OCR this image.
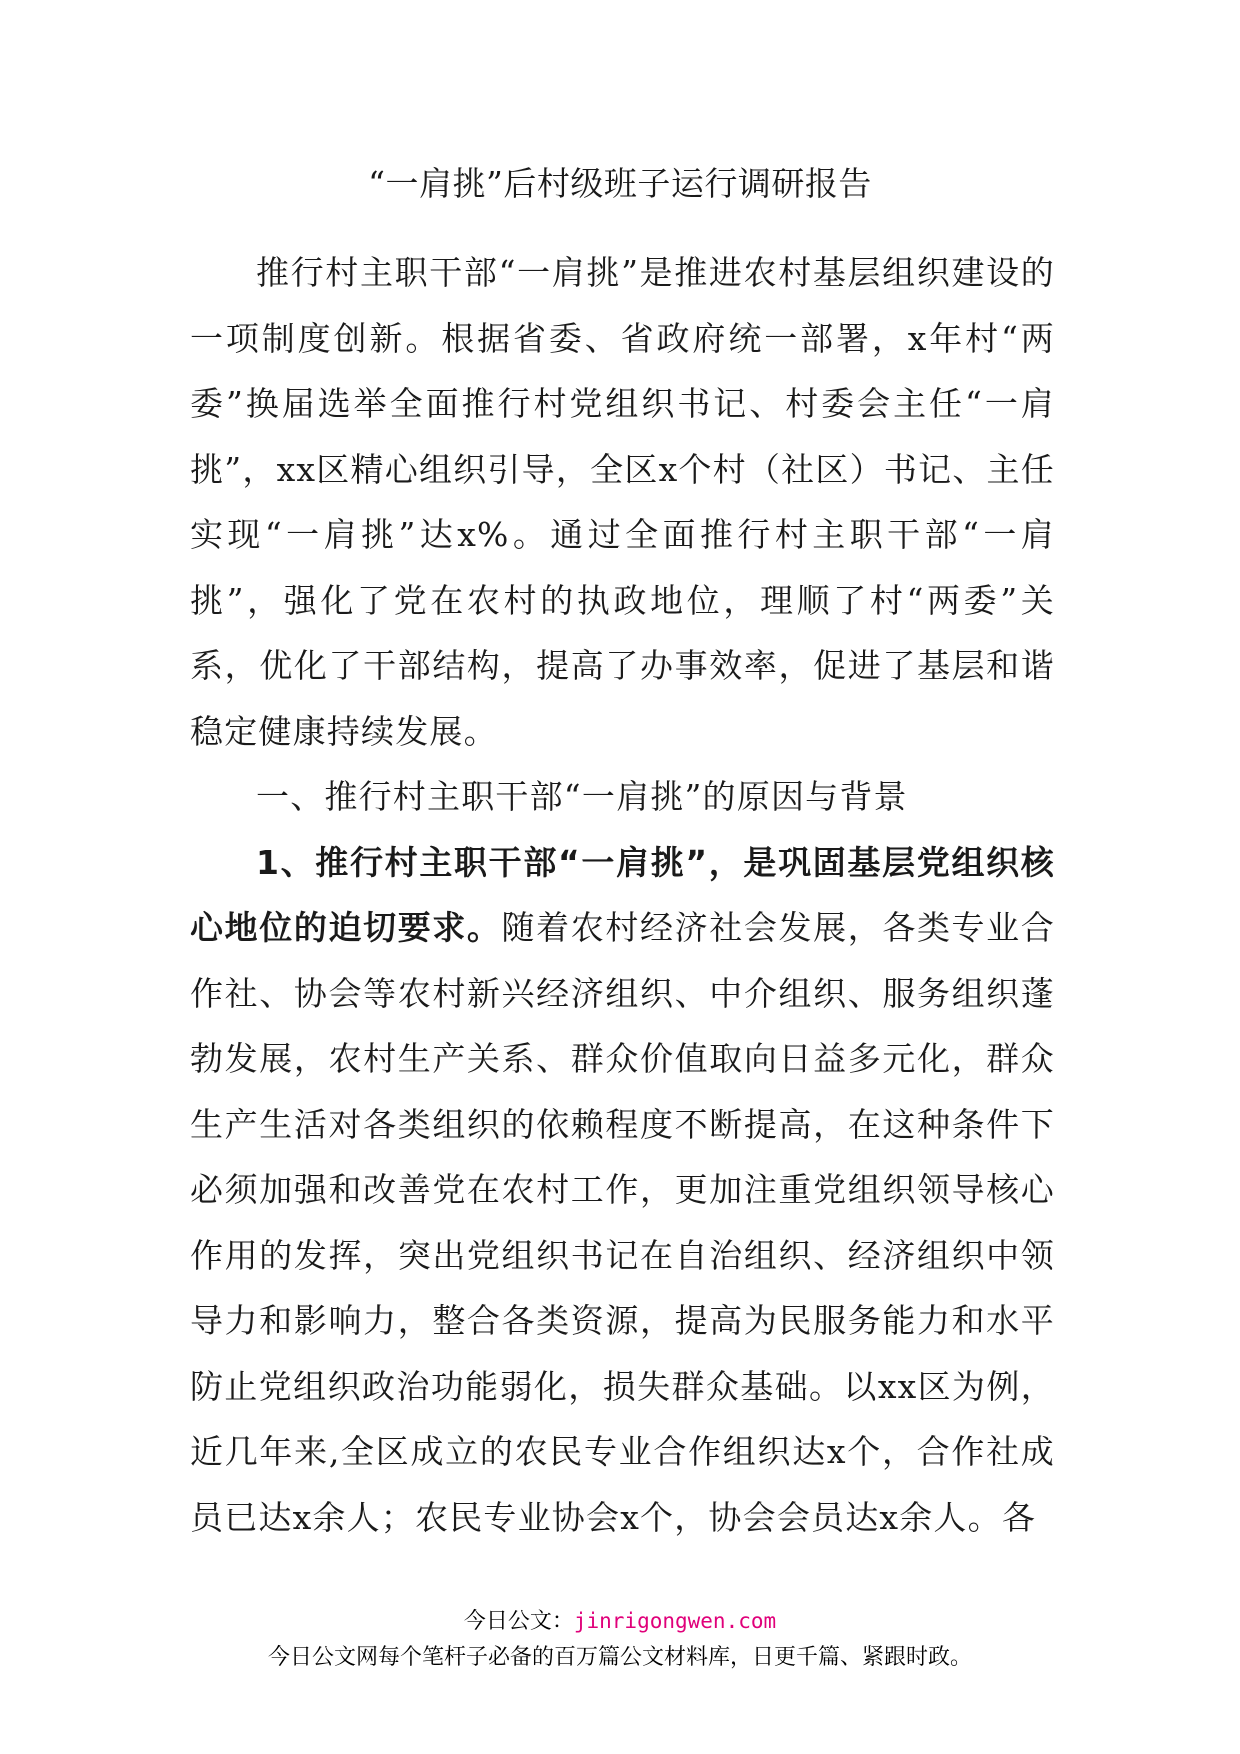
“一肩挑”后村级班子运行调研报告

推行村主职干部“一肩挑”是推进农村基层组织建设的一项制度创新。根据省委、省政府统一部署，x年村“两委”换届选举全面推行村党组织书记、村委会主任“一肩挑”，xx区精心组织引导，全区x个村（社区）书记、主任实现“一肩挑”达x%。通过全面推行村主职干部“一肩挑”，强化了党在农村的执政地位，理顺了村“两委”关系，优化了干部结构，提高了办事效率，促进了基层和谐稳定健康持续发展。

一、推行村主职干部“一肩挑”的原因与背景

1、推行村主职干部“一肩挑”，是巩固基层党组织核心地位的迫切要求。随着农村经济社会发展，各类专业合作社、协会等农村新兴经济组织、中介组织、服务组织蓬勃发展，农村生产关系、群众价值取向日益多元化，群众生产生活对各类组织的依赖程度不断提高，在这种条件下必须加强和改善党在农村工作，更加注重党组织领导核心作用的发挥，突出党组织书记在自治组织、经济组织中领导力和影响力，整合各类资源，提高为民服务能力和水平防止党组织政治功能弱化，损失群众基础。以xx区为例，近几年来,全区成立的农民专业合作组织达x个，合作社成员已达x余人；农民专业协会x个，协会会员达x余人。各

今日公文：jinrigongwen.com
今日公文网每个笔杆子必备的百万篇公文材料库，日更千篇、紧跟时政。
